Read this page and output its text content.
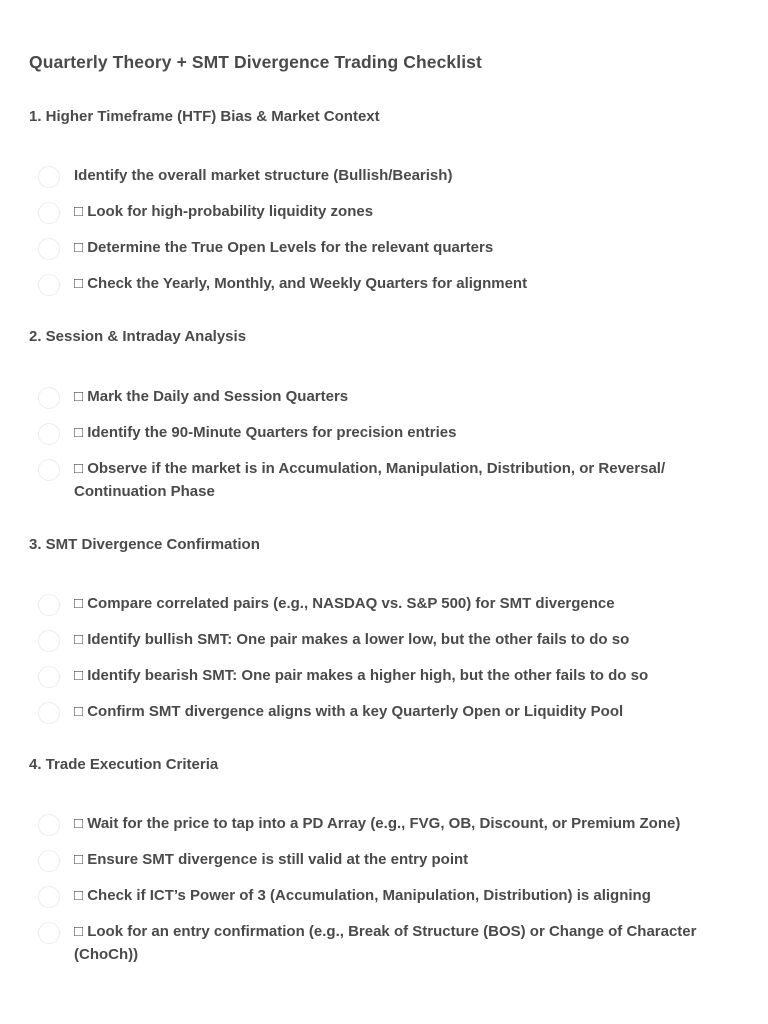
Quarterly Theory + SMT Divergence Trading Checklist
1. Higher Timeframe (HTF) Bias & Market Context
Identify the overall market structure (Bullish/Bearish)
□ Look for high-probability liquidity zones
□ Determine the True Open Levels for the relevant quarters
□ Check the Yearly, Monthly, and Weekly Quarters for alignment
2. Session & Intraday Analysis
□ Mark the Daily and Session Quarters
□ Identify the 90-Minute Quarters for precision entries
□ Observe if the market is in Accumulation, Manipulation, Distribution, or Reversal/ Continuation Phase
3. SMT Divergence Confirmation
□ Compare correlated pairs (e.g., NASDAQ vs. S&P 500) for SMT divergence
□ Identify bullish SMT: One pair makes a lower low, but the other fails to do so
□ Identify bearish SMT: One pair makes a higher high, but the other fails to do so
□ Confirm SMT divergence aligns with a key Quarterly Open or Liquidity Pool
4. Trade Execution Criteria
□ Wait for the price to tap into a PD Array (e.g., FVG, OB, Discount, or Premium Zone)
□ Ensure SMT divergence is still valid at the entry point
□ Check if ICT’s Power of 3 (Accumulation, Manipulation, Distribution) is aligning
□ Look for an entry confirmation (e.g., Break of Structure (BOS) or Change of Character (ChoCh))
